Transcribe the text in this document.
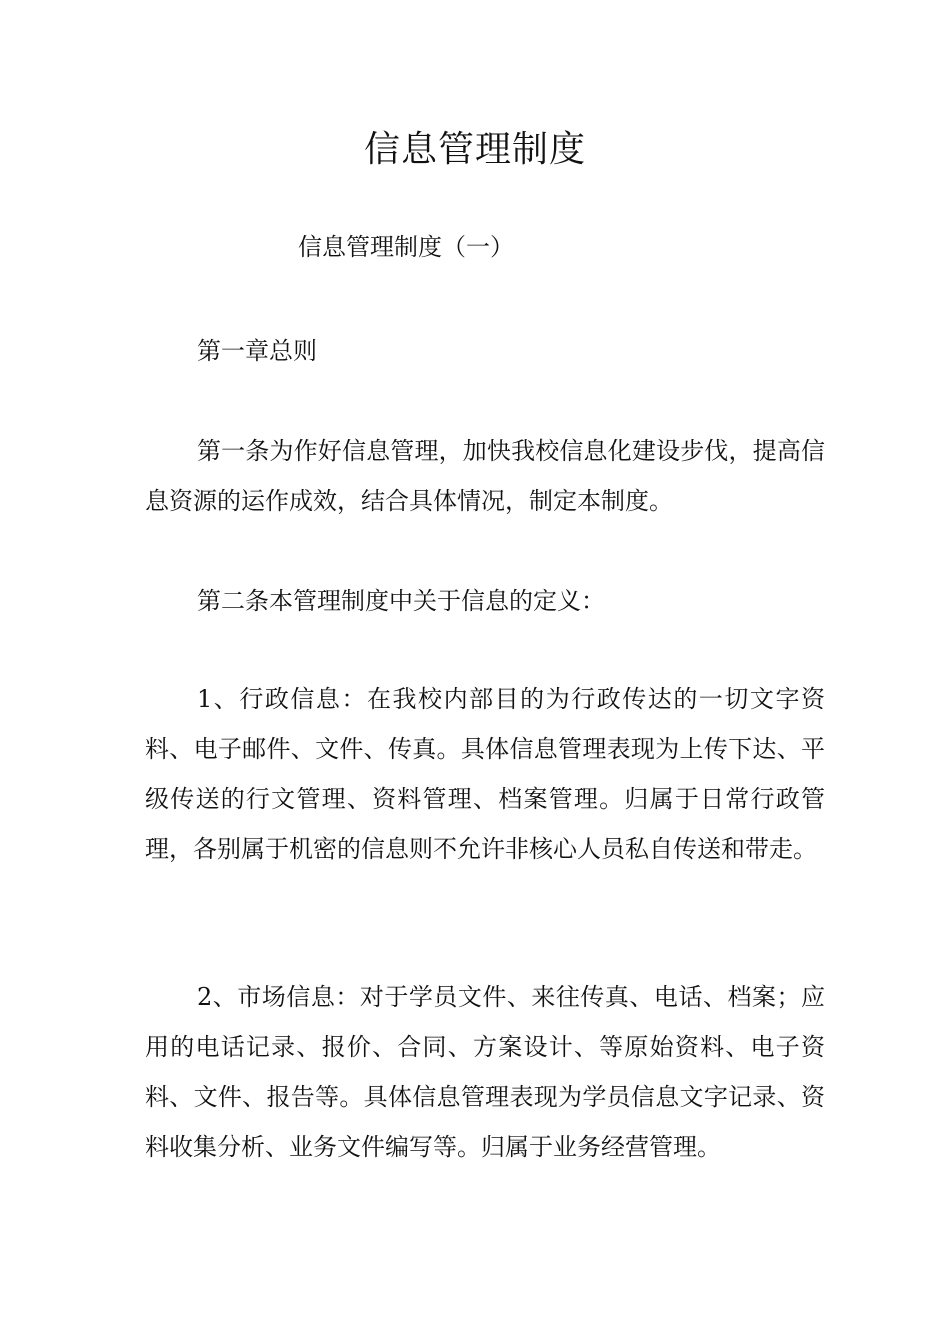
信息管理制度

信息管理制度（一）

第一章总则

第一条为作好信息管理，加快我校信息化建设步伐，提高信息资源的运作成效，结合具体情况，制定本制度。

第二条本管理制度中关于信息的定义：

1、行政信息：在我校内部目的为行政传达的一切文字资料、电子邮件、文件、传真。具体信息管理表现为上传下达、平级传送的行文管理、资料管理、档案管理。归属于日常行政管理，各别属于机密的信息则不允许非核心人员私自传送和带走。

2、市场信息：对于学员文件、来往传真、电话、档案；应用的电话记录、报价、合同、方案设计、等原始资料、电子资料、文件、报告等。具体信息管理表现为学员信息文字记录、资料收集分析、业务文件编写等。归属于业务经营管理。
